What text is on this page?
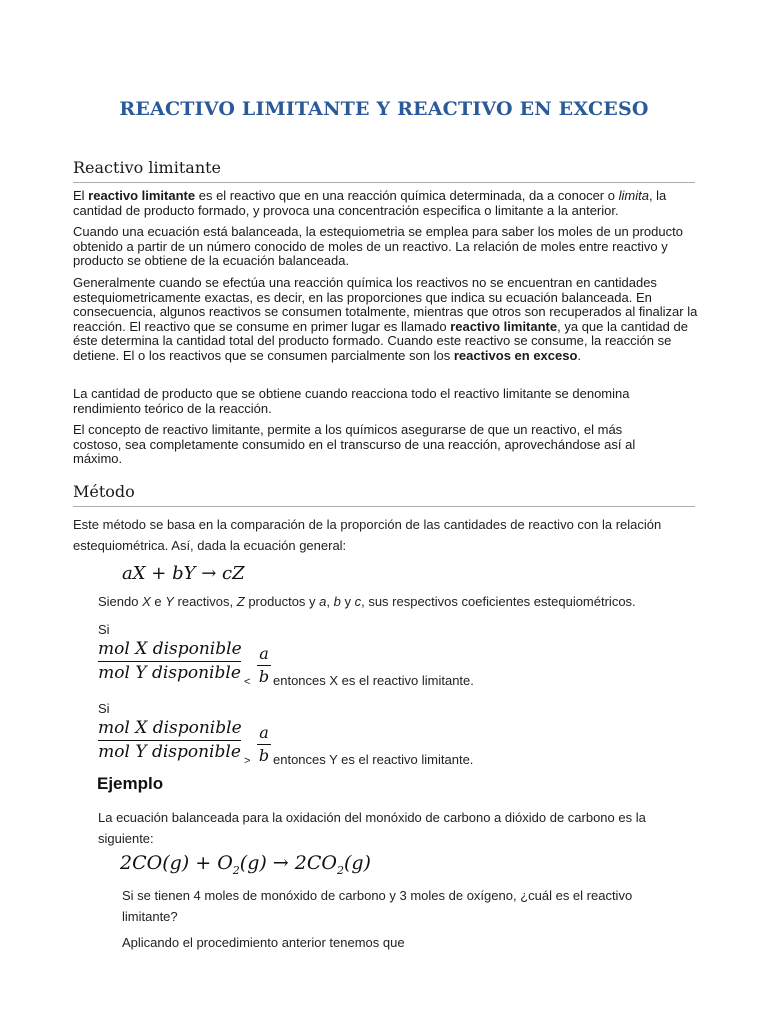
REACTIVO LIMITANTE Y REACTIVO EN EXCESO
Reactivo limitante
El reactivo limitante es el reactivo que en una reacción química determinada, da a conocer o limita, la cantidad de producto formado, y provoca una concentración especifica o limitante a la anterior.
Cuando una ecuación está balanceada, la estequiometria se emplea para saber los moles de un producto obtenido a partir de un número conocido de moles de un reactivo. La relación de moles entre reactivo y producto se obtiene de la ecuación balanceada.
Generalmente cuando se efectúa una reacción química los reactivos no se encuentran en cantidades estequiometricamente exactas, es decir, en las proporciones que indica su ecuación balanceada. En consecuencia, algunos reactivos se consumen totalmente, mientras que otros son recuperados al finalizar la reacción. El reactivo que se consume en primer lugar es llamado reactivo limitante, ya que la cantidad de éste determina la cantidad total del producto formado. Cuando este reactivo se consume, la reacción se detiene. El o los reactivos que se consumen parcialmente son los reactivos en exceso.
La cantidad de producto que se obtiene cuando reacciona todo el reactivo limitante se denomina rendimiento teórico de la reacción.
El concepto de reactivo limitante, permite a los químicos asegurarse de que un reactivo, el más costoso, sea completamente consumido en el transcurso de una reacción, aprovechándose así al máximo.
Método
Este método se basa en la comparación de la proporción de las cantidades de reactivo con la relación estequiométrica. Así, dada la ecuación general:
aX + bY → cZ
Siendo X e Y reactivos, Z productos y a, b y c, sus respectivos coeficientes estequiométricos.
Si
mol X disponible
mol Y disponible <
a
b entonces X es el reactivo limitante.
Si
mol X disponible
mol Y disponible >
a
b entonces Y es el reactivo limitante.
Ejemplo
La ecuación balanceada para la oxidación del monóxido de carbono a dióxido de carbono es la siguiente:
$2CO(g) + O_2(g) \to 2CO_2(g)$
Si se tienen 4 moles de monóxido de carbono y 3 moles de oxígeno, ¿cuál es el reactivo limitante?
Aplicando el procedimiento anterior tenemos que
